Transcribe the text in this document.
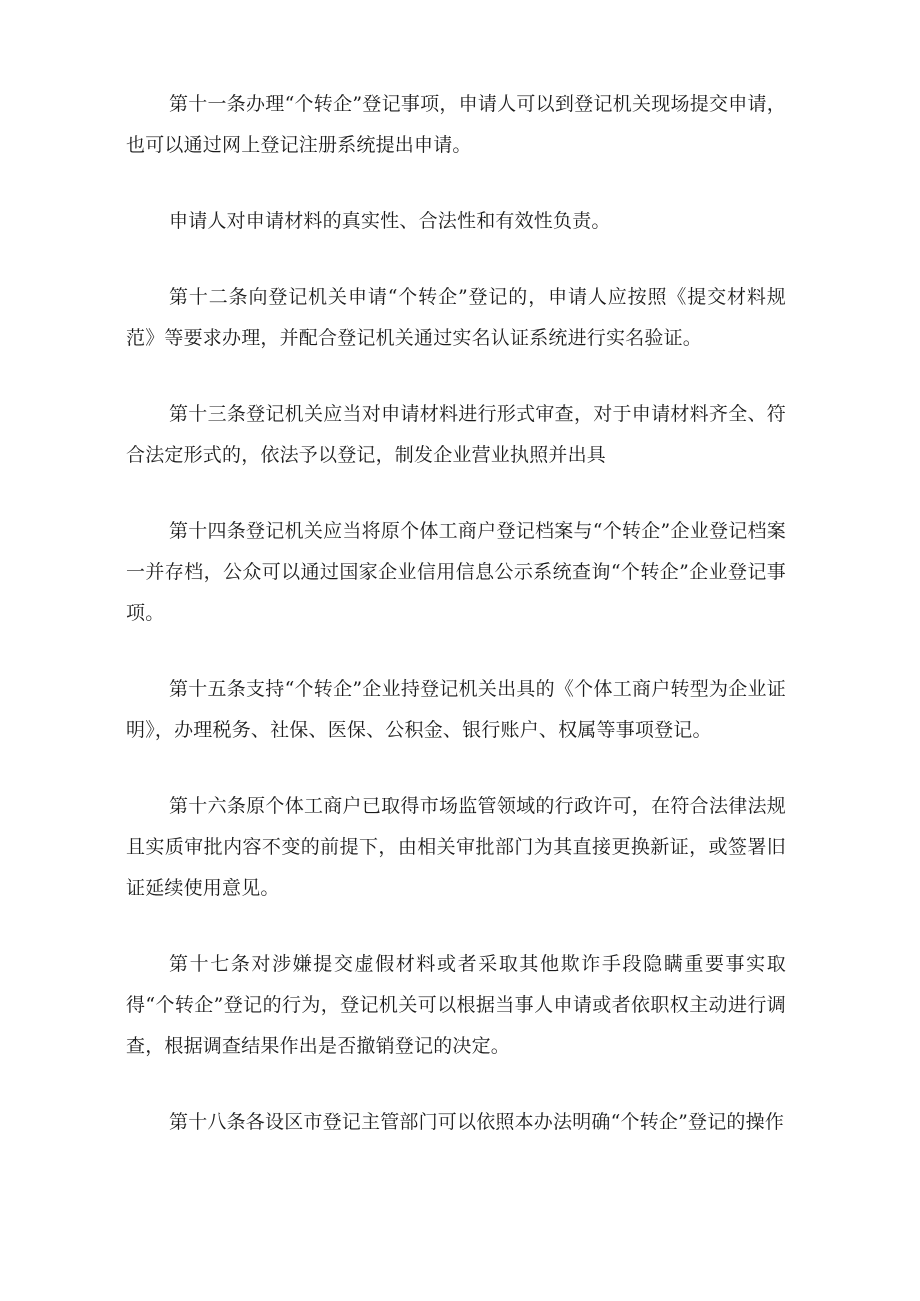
第十一条办理“个转企”登记事项，申请人可以到登记机关现场提交申请，也可以通过网上登记注册系统提出申请。

申请人对申请材料的真实性、合法性和有效性负责。

第十二条向登记机关申请“个转企”登记的，申请人应按照《提交材料规范》等要求办理，并配合登记机关通过实名认证系统进行实名验证。

第十三条登记机关应当对申请材料进行形式审查，对于申请材料齐全、符合法定形式的，依法予以登记，制发企业营业执照并出具

第十四条登记机关应当将原个体工商户登记档案与“个转企”企业登记档案一并存档，公众可以通过国家企业信用信息公示系统查询“个转企”企业登记事项。

第十五条支持“个转企”企业持登记机关出具的《个体工商户转型为企业证明》，办理税务、社保、医保、公积金、银行账户、权属等事项登记。

第十六条原个体工商户已取得市场监管领域的行政许可，在符合法律法规且实质审批内容不变的前提下，由相关审批部门为其直接更换新证，或签署旧证延续使用意见。

第十七条对涉嫌提交虚假材料或者采取其他欺诈手段隐瞒重要事实取得“个转企”登记的行为，登记机关可以根据当事人申请或者依职权主动进行调查，根据调查结果作出是否撤销登记的决定。

第十八条各设区市登记主管部门可以依照本办法明确“个转企”登记的操作
